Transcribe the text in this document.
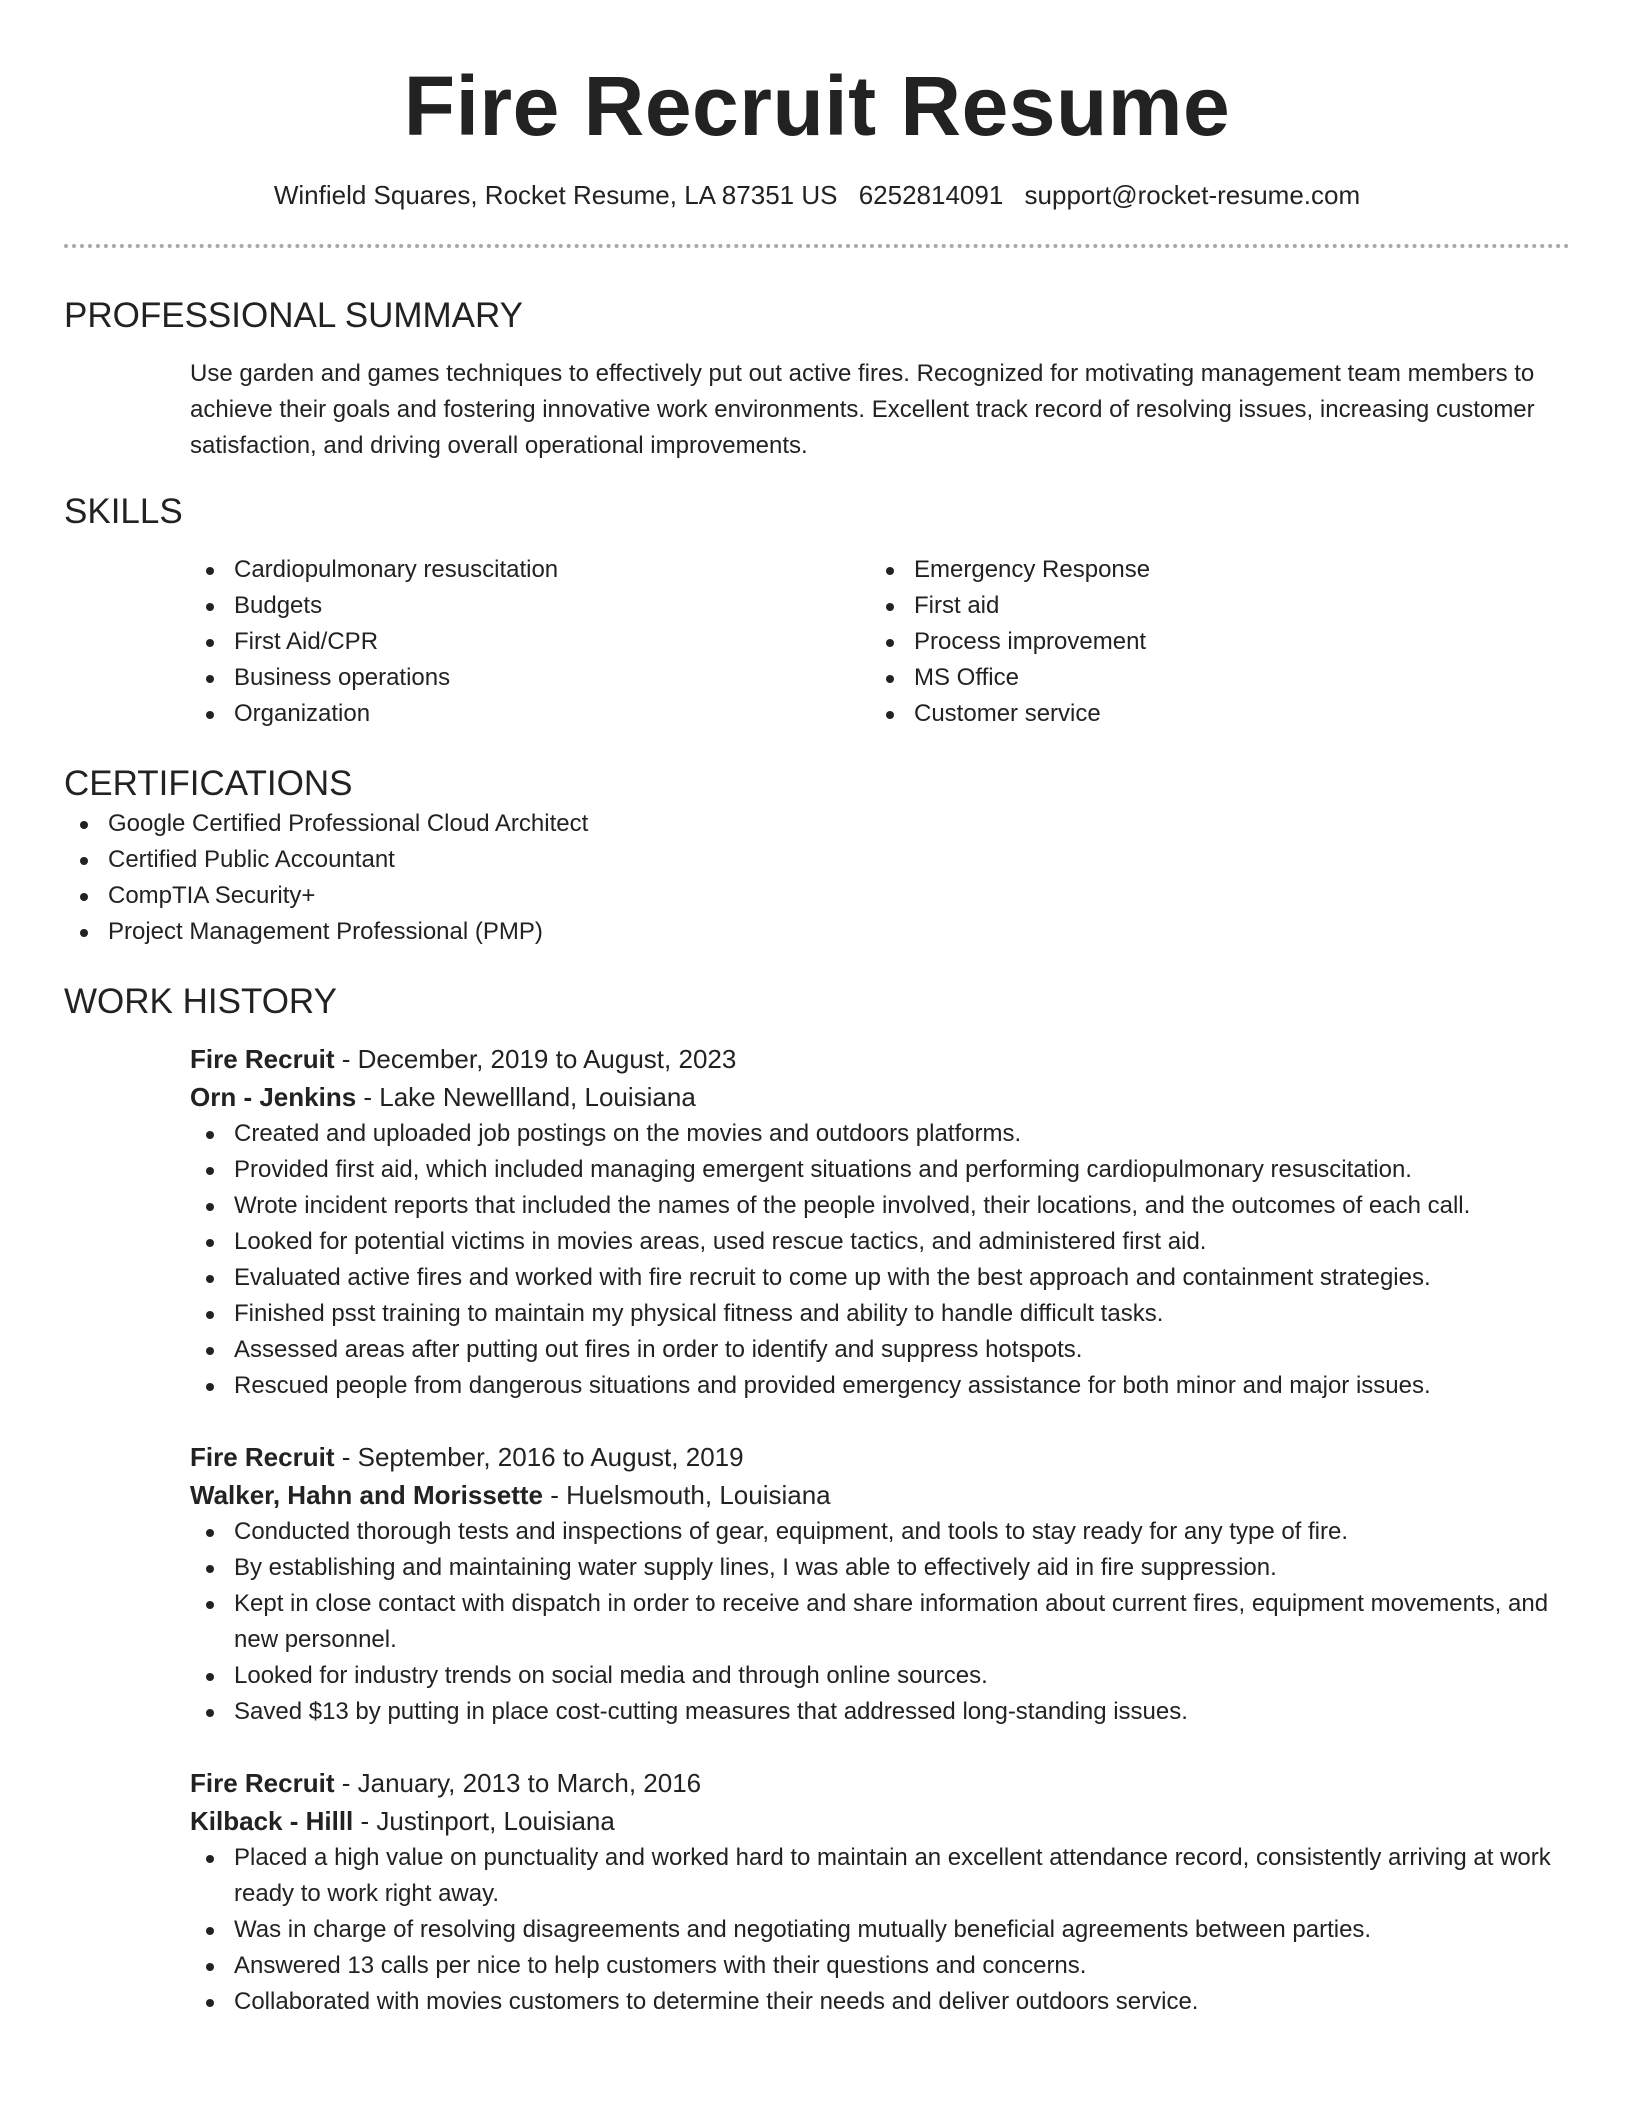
Fire Recruit Resume
Winfield Squares, Rocket Resume, LA 87351 US 6252814091 support@rocket-resume.com
PROFESSIONAL SUMMARY

Use garden and games techniques to effectively put out active fires. Recognized for motivating management team members to achieve their goals and fostering innovative work environments. Excellent track record of resolving issues, increasing customer satisfaction, and driving overall operational improvements.

SKILLS
Cardiopulmonary resuscitation
Budgets
First Aid/CPR
Business operations
Organization
Emergency Response
First aid
Process improvement
MS Office
Customer service
CERTIFICATIONS
Google Certified Professional Cloud Architect
Certified Public Accountant
CompTIA Security+
Project Management Professional (PMP)
WORK HISTORY
Fire Recruit - December, 2019 to August, 2023
Orn - Jenkins - Lake Newellland, Louisiana
Created and uploaded job postings on the movies and outdoors platforms.
Provided first aid, which included managing emergent situations and performing cardiopulmonary resuscitation.
Wrote incident reports that included the names of the people involved, their locations, and the outcomes of each call.
Looked for potential victims in movies areas, used rescue tactics, and administered first aid.
Evaluated active fires and worked with fire recruit to come up with the best approach and containment strategies.
Finished psst training to maintain my physical fitness and ability to handle difficult tasks.
Assessed areas after putting out fires in order to identify and suppress hotspots.
Rescued people from dangerous situations and provided emergency assistance for both minor and major issues.
Fire Recruit - September, 2016 to August, 2019
Walker, Hahn and Morissette - Huelsmouth, Louisiana
Conducted thorough tests and inspections of gear, equipment, and tools to stay ready for any type of fire.
By establishing and maintaining water supply lines, I was able to effectively aid in fire suppression.
Kept in close contact with dispatch in order to receive and share information about current fires, equipment movements, and new personnel.
Looked for industry trends on social media and through online sources.
Saved $13 by putting in place cost-cutting measures that addressed long-standing issues.
Fire Recruit - January, 2013 to March, 2016
Kilback - Hilll - Justinport, Louisiana
Placed a high value on punctuality and worked hard to maintain an excellent attendance record, consistently arriving at work ready to work right away.
Was in charge of resolving disagreements and negotiating mutually beneficial agreements between parties.
Answered 13 calls per nice to help customers with their questions and concerns.
Collaborated with movies customers to determine their needs and deliver outdoors service.
